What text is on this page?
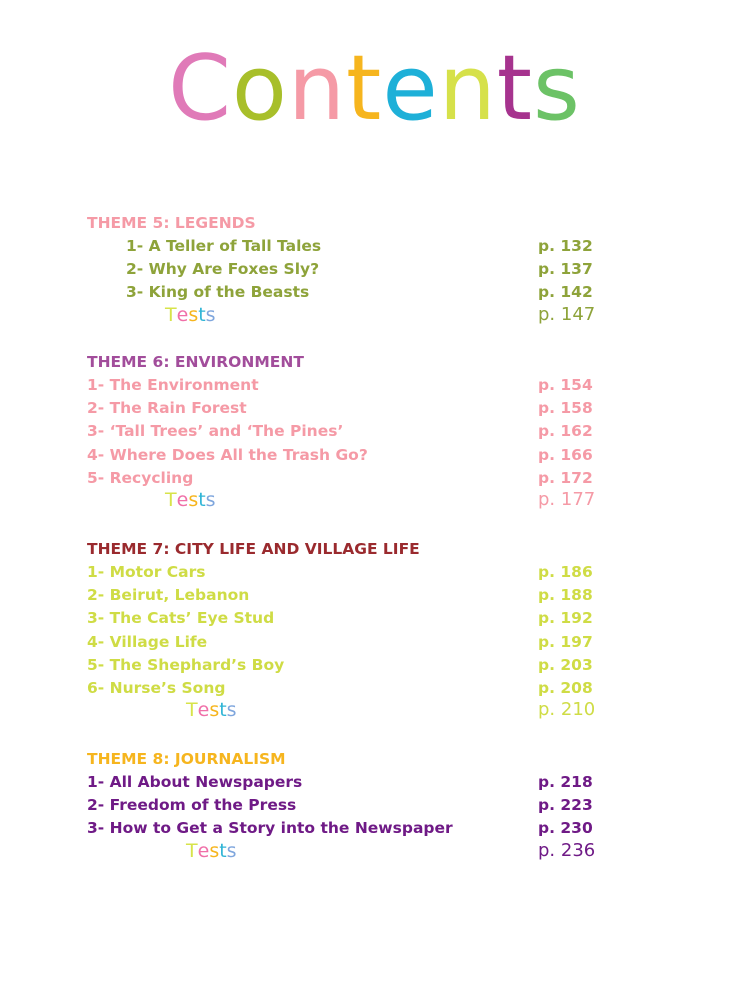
Contents
THEME 5: LEGENDS
1- A Teller of Tall Tales	p. 132
2- Why Are Foxes Sly?	p. 137
3- King of the Beasts	p. 142
Tests	p. 147
THEME 6: ENVIRONMENT
1- The Environment	p. 154
2- The Rain Forest	p. 158
3- ‘Tall Trees’ and ‘The Pines’	p. 162
4- Where Does All the Trash Go?	p. 166
5- Recycling	p. 172
Tests	p. 177
THEME 7: CITY LIFE AND VILLAGE LIFE
1- Motor Cars	p. 186
2- Beirut, Lebanon	p. 188
3- The Cats’ Eye Stud	p. 192
4- Village Life	p. 197
5- The Shephard’s Boy	p. 203
6- Nurse’s Song	p. 208
Tests	p. 210
THEME 8: JOURNALISM
1- All About Newspapers	p. 218
2- Freedom of the Press	p. 223
3- How to Get a Story into the Newspaper	p. 230
Tests	p. 236
